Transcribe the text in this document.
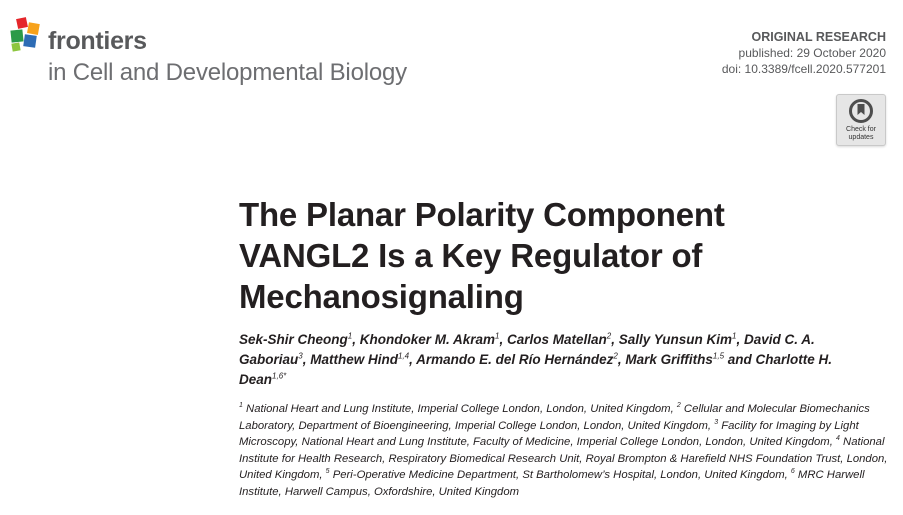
frontiers
in Cell and Developmental Biology
ORIGINAL RESEARCH
published: 29 October 2020
doi: 10.3389/fcell.2020.577201
Check for
updates
The Planar Polarity Component VANGL2 Is a Key Regulator of Mechanosignaling
Sek-Shir Cheong$^1$, Khondoker M. Akram$^1$, Carlos Matellan$^2$, Sally Yunsun Kim$^1$, David C. A. Gaboriau$^3$, Matthew Hind$^{1,4}$, Armando E. del Río Hernández$^2$, Mark Griffiths$^{1,5}$ and Charlotte H. Dean$^{1,6*}$
$^1$ National Heart and Lung Institute, Imperial College London, London, United Kingdom, $^2$ Cellular and Molecular Biomechanics Laboratory, Department of Bioengineering, Imperial College London, London, United Kingdom, $^3$ Facility for Imaging by Light Microscopy, National Heart and Lung Institute, Faculty of Medicine, Imperial College London, London, United Kingdom, $^4$ National Institute for Health Research, Respiratory Biomedical Research Unit, Royal Brompton & Harefield NHS Foundation Trust, London, United Kingdom, $^5$ Peri-Operative Medicine Department, St Bartholomew’s Hospital, London, United Kingdom, $^6$ MRC Harwell Institute, Harwell Campus, Oxfordshire, United Kingdom
